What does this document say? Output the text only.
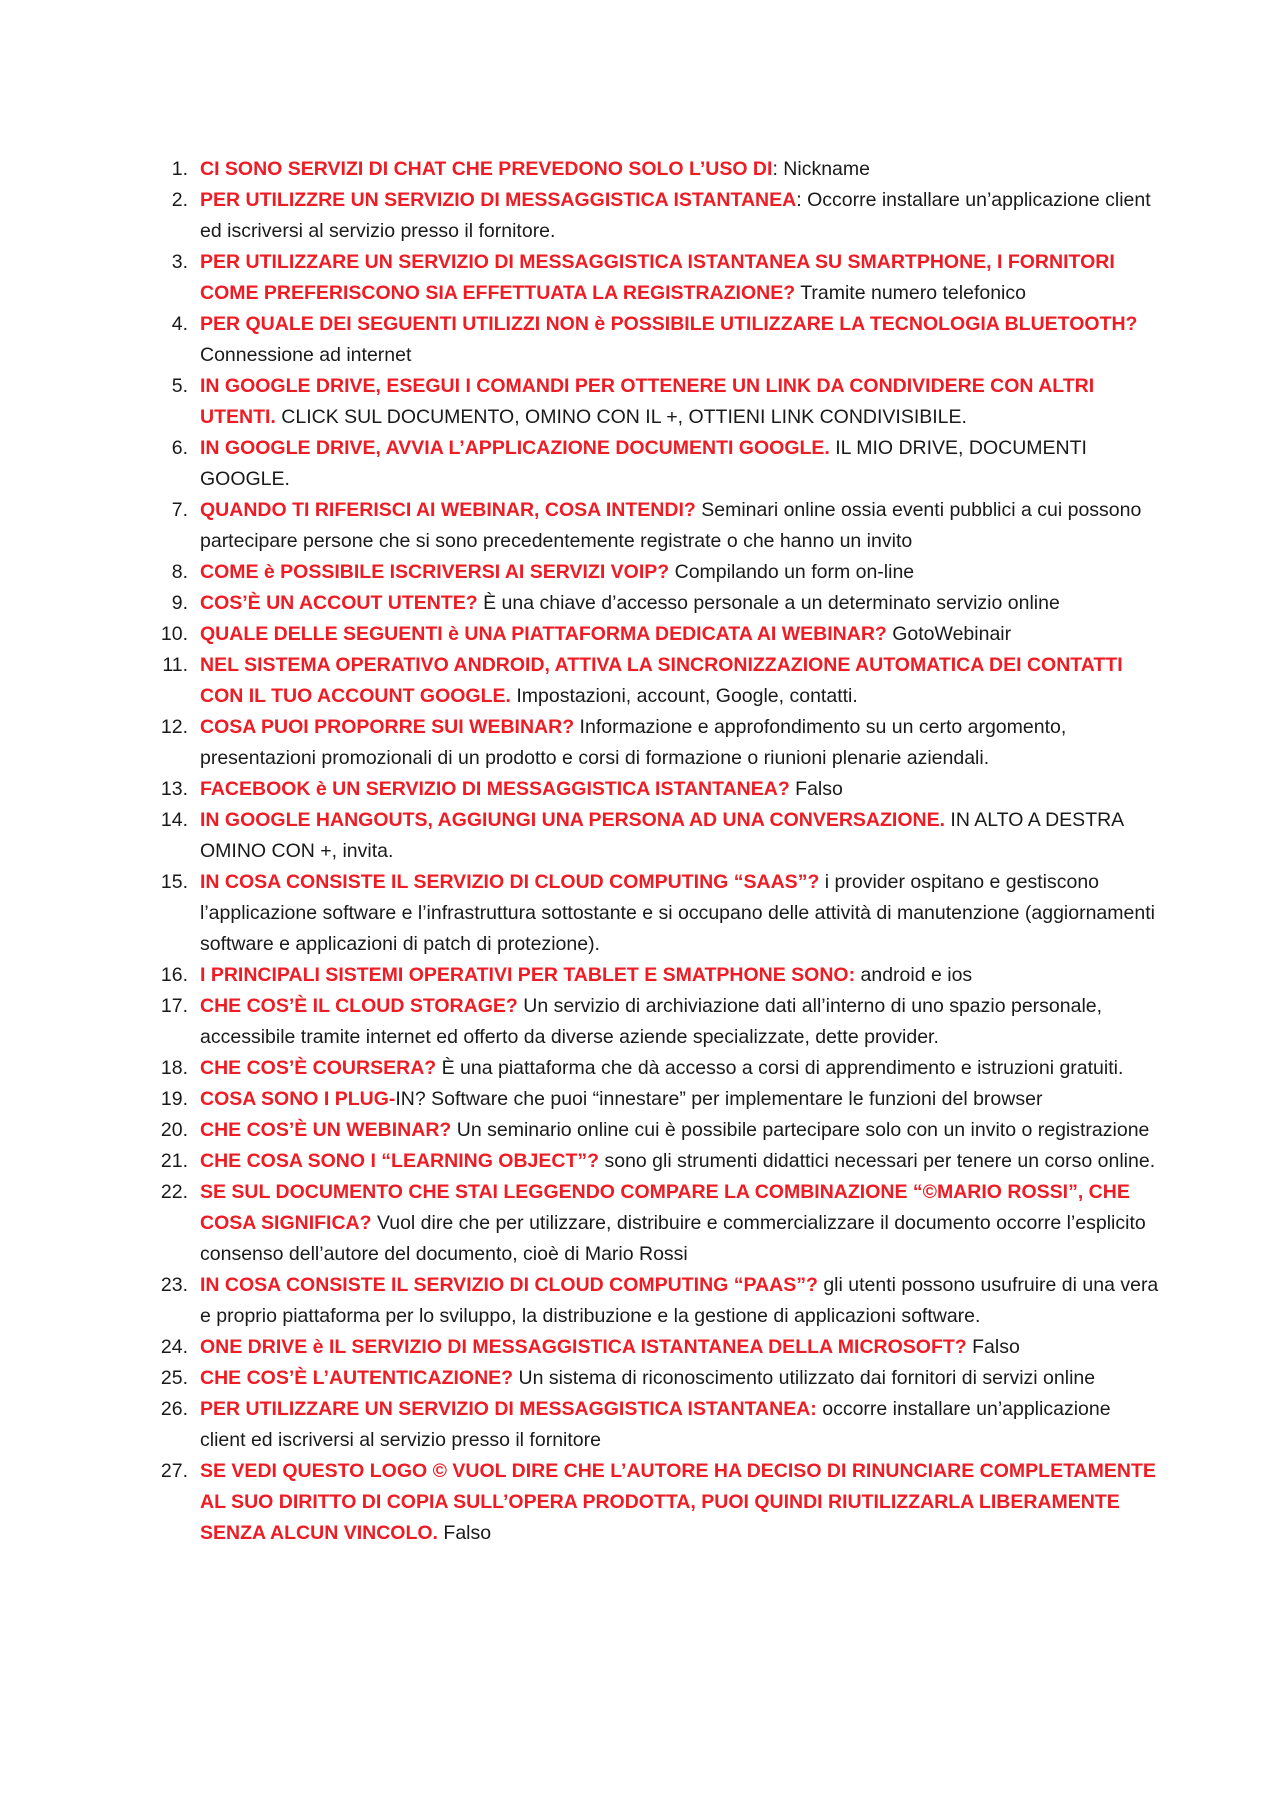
1. CI SONO SERVIZI DI CHAT CHE PREVEDONO SOLO L’USO DI: Nickname
2. PER UTILIZZRE UN SERVIZIO DI MESSAGGISTICA ISTANTANEA: Occorre installare un’applicazione client ed iscriversi al servizio presso il fornitore.
3. PER UTILIZZARE UN SERVIZIO DI MESSAGGISTICA ISTANTANEA SU SMARTPHONE, I FORNITORI COME PREFERISCONO SIA EFFETTUATA LA REGISTRAZIONE? Tramite numero telefonico
4. PER QUALE DEI SEGUENTI UTILIZZI NON è POSSIBILE UTILIZZARE LA TECNOLOGIA BLUETOOTH? Connessione ad internet
5. IN GOOGLE DRIVE, ESEGUI I COMANDI PER OTTENERE UN LINK DA CONDIVIDERE CON ALTRI UTENTI. CLICK SUL DOCUMENTO, OMINO CON IL +, OTTIENI LINK CONDIVISIBILE.
6. IN GOOGLE DRIVE, AVVIA L’APPLICAZIONE DOCUMENTI GOOGLE. IL MIO DRIVE, DOCUMENTI GOOGLE.
7. QUANDO TI RIFERISCI AI WEBINAR, COSA INTENDI? Seminari online ossia eventi pubblici a cui possono partecipare persone che si sono precedentemente registrate o che hanno un invito
8. COME è POSSIBILE ISCRIVERSI AI SERVIZI VOIP? Compilando un form on-line
9. COS’È UN ACCOUT UTENTE? È una chiave d’accesso personale a un determinato servizio online
10. QUALE DELLE SEGUENTI è UNA PIATTAFORMA DEDICATA AI WEBINAR? GotoWebinair
11. NEL SISTEMA OPERATIVO ANDROID, ATTIVA LA SINCRONIZZAZIONE AUTOMATICA DEI CONTATTI CON IL TUO ACCOUNT GOOGLE. Impostazioni, account, Google, contatti.
12. COSA PUOI PROPORRE SUI WEBINAR? Informazione e approfondimento su un certo argomento, presentazioni promozionali di un prodotto e corsi di formazione o riunioni plenarie aziendali.
13. FACEBOOK è UN SERVIZIO DI MESSAGGISTICA ISTANTANEA? Falso
14. IN GOOGLE HANGOUTS, AGGIUNGI UNA PERSONA AD UNA CONVERSAZIONE. IN ALTO A DESTRA OMINO CON +, invita.
15. IN COSA CONSISTE IL SERVIZIO DI CLOUD COMPUTING “SAAS”? i provider ospitano e gestiscono l’applicazione software e l’infrastruttura sottostante e si occupano delle attività di manutenzione (aggiornamenti software e applicazioni di patch di protezione).
16. I PRINCIPALI SISTEMI OPERATIVI PER TABLET E SMATPHONE SONO: android e ios
17. CHE COS’È IL CLOUD STORAGE? Un servizio di archiviazione dati all’interno di uno spazio personale, accessibile tramite internet ed offerto da diverse aziende specializzate, dette provider.
18. CHE COS’È COURSERA? È una piattaforma che dà accesso a corsi di apprendimento e istruzioni gratuiti.
19. COSA SONO I PLUG-IN? Software che puoi “innestare” per implementare le funzioni del browser
20. CHE COS’È UN WEBINAR? Un seminario online cui è possibile partecipare solo con un invito o registrazione
21. CHE COSA SONO I “LEARNING OBJECT”? sono gli strumenti didattici necessari per tenere un corso online.
22. SE SUL DOCUMENTO CHE STAI LEGGENDO COMPARE LA COMBINAZIONE “©MARIO ROSSI”, CHE COSA SIGNIFICA? Vuol dire che per utilizzare, distribuire e commercializzare il documento occorre l’esplicito consenso dell’autore del documento, cioè di Mario Rossi
23. IN COSA CONSISTE IL SERVIZIO DI CLOUD COMPUTING “PAAS”? gli utenti possono usufruire di una vera e proprio piattaforma per lo sviluppo, la distribuzione e la gestione di applicazioni software.
24. ONE DRIVE è IL SERVIZIO DI MESSAGGISTICA ISTANTANEA DELLA MICROSOFT? Falso
25. CHE COS’È L’AUTENTICAZIONE? Un sistema di riconoscimento utilizzato dai fornitori di servizi online
26. PER UTILIZZARE UN SERVIZIO DI MESSAGGISTICA ISTANTANEA: occorre installare un’applicazione client ed iscriversi al servizio presso il fornitore
27. SE VEDI QUESTO LOGO © VUOL DIRE CHE L’AUTORE HA DECISO DI RINUNCIARE COMPLETAMENTE AL SUO DIRITTO DI COPIA SULL’OPERA PRODOTTA, PUOI QUINDI RIUTILIZZARLA LIBERAMENTE SENZA ALCUN VINCOLO. Falso
